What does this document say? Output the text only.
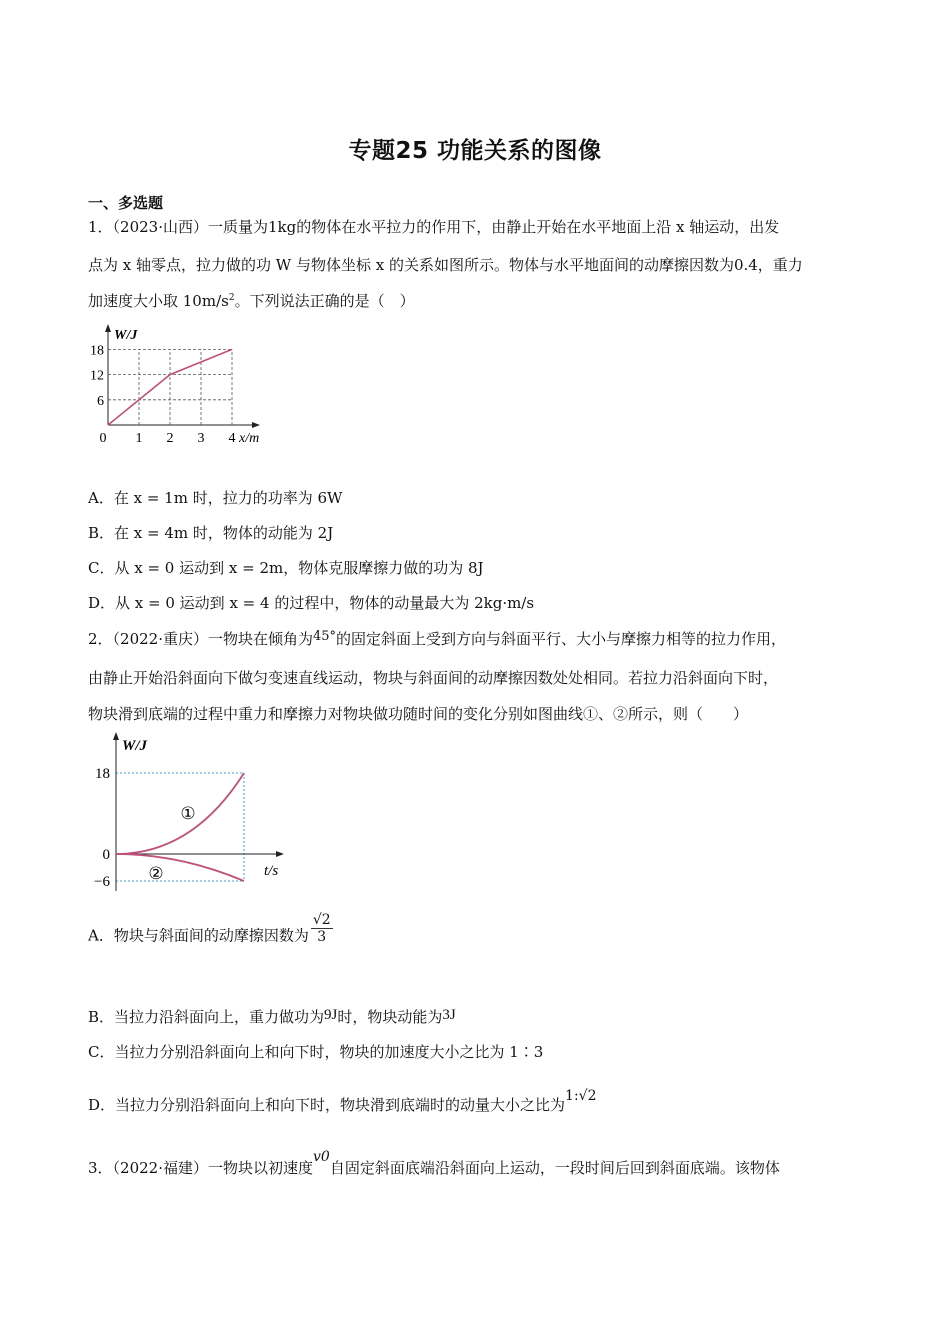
专题25 功能关系的图像
一、多选题
1．（2023·山西）一质量为1kg的物体在水平拉力的作用下，由静止开始在水平地面上沿 x 轴运动，出发
点为 x 轴零点，拉力做的功 W 与物体坐标 x 的关系如图所示。物体与水平地面间的动摩擦因数为0.4，重力
加速度大小取 $10m/s^2$。下列说法正确的是（　）
6
12
18
0 1 2 3 4 x/m
W/J
A．在 x = 1m 时，拉力的功率为 6W
B．在 x = 4m 时，物体的动能为 2J
C．从 x = 0 运动到 x = 2m，物体克服摩擦力做的功为 8J
D．从 x = 0 运动到 x = 4 的过程中，物体的动量最大为 2kg·m/s
2．（2022·重庆）一物块在倾角为45°的固定斜面上受到方向与斜面平行、大小与摩擦力相等的拉力作用，
由静止开始沿斜面向下做匀变速直线运动，物块与斜面间的动摩擦因数处处相同。若拉力沿斜面向下时，
物块滑到底端的过程中重力和摩擦力对物块做功随时间的变化分别如图曲线①、②所示，则（　　）
18
0
−6
①
②	t/s
W/J
A．物块与斜面间的动摩擦因数为 $\frac{√2}{3}$
B．当拉力沿斜面向上，重力做功为9J时，物块动能为3J
C．当拉力分别沿斜面向上和向下时，物块的加速度大小之比为 1∶3
D．当拉力分别沿斜面向上和向下时，物块滑到底端时的动量大小之比为1:√2
3．（2022·福建）一物块以初速度v0自固定斜面底端沿斜面向上运动，一段时间后回到斜面底端。该物体
